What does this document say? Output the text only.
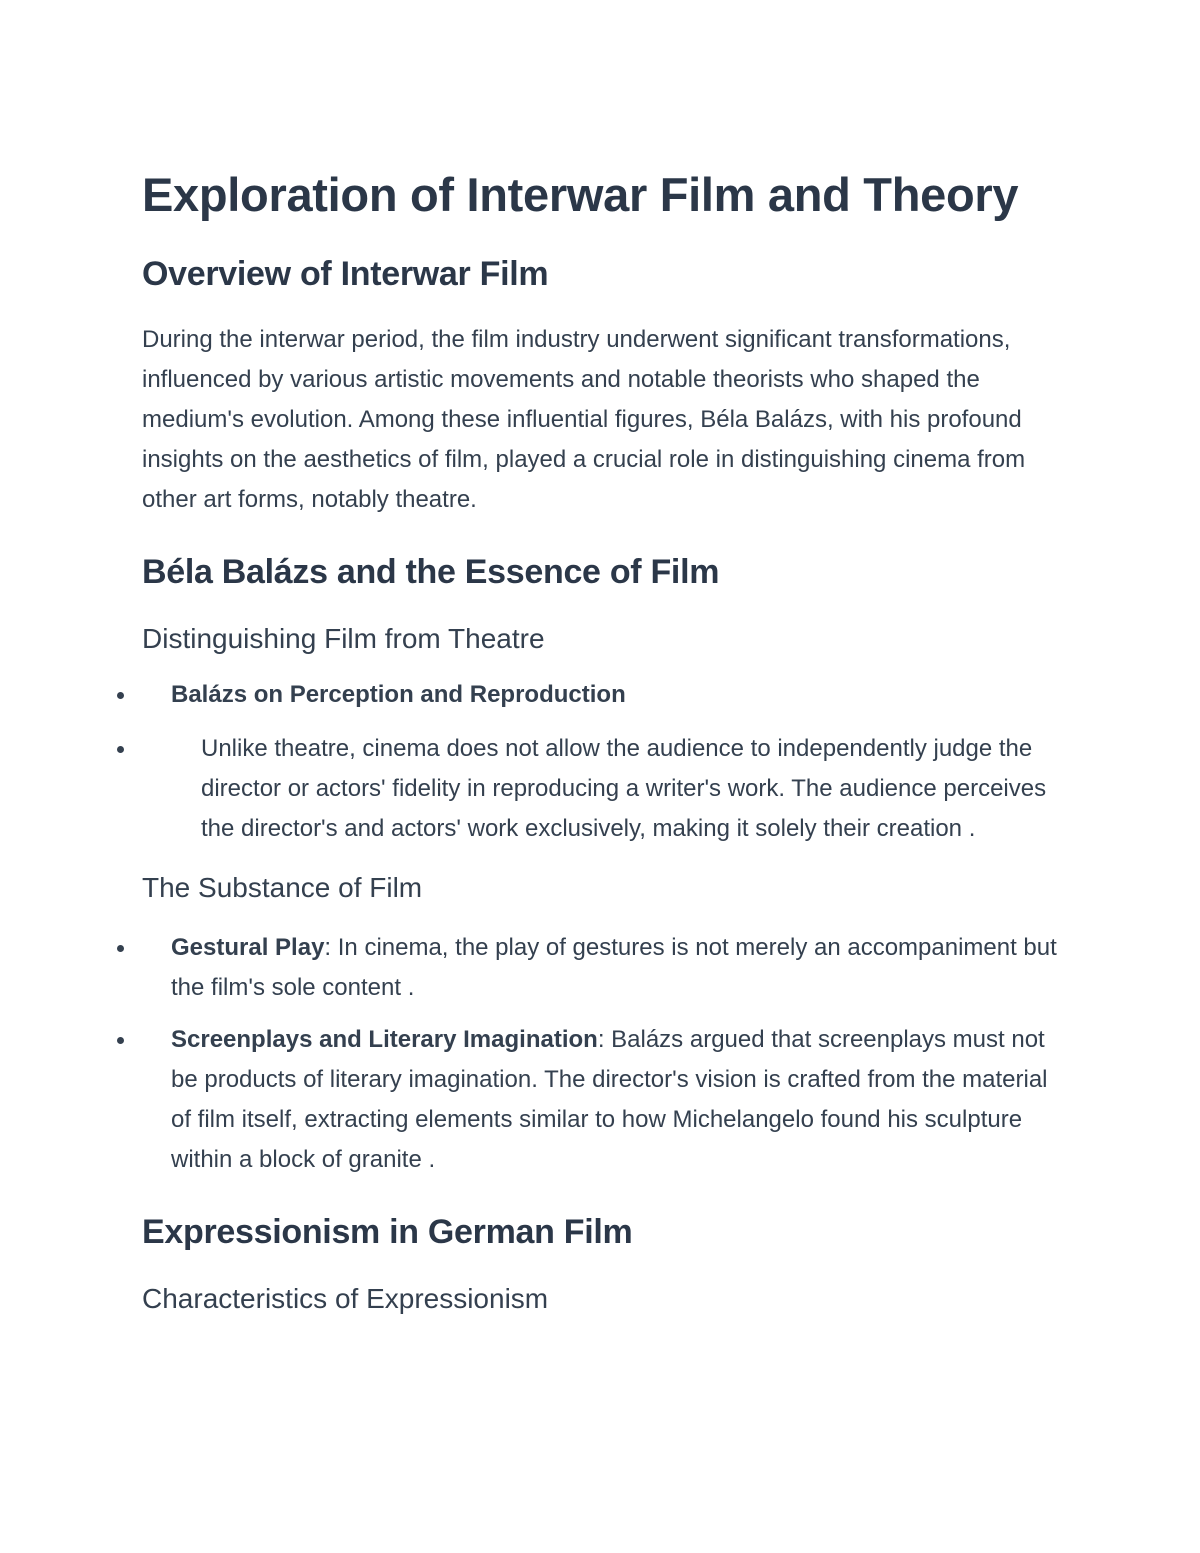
Exploration of Interwar Film and Theory
Overview of Interwar Film

During the interwar period, the film industry underwent significant transformations, influenced by various artistic movements and notable theorists who shaped the medium's evolution. Among these influential figures, Béla Balázs, with his profound insights on the aesthetics of film, played a crucial role in distinguishing cinema from other art forms, notably theatre.

Béla Balázs and the Essence of Film
Distinguishing Film from Theatre
Balázs on Perception and Reproduction
Unlike theatre, cinema does not allow the audience to independently judge the director or actors' fidelity in reproducing a writer's work. The audience perceives the director's and actors' work exclusively, making it solely their creation .
The Substance of Film
Gestural Play: In cinema, the play of gestures is not merely an accompaniment but the film's sole content .
Screenplays and Literary Imagination: Balázs argued that screenplays must not be products of literary imagination. The director's vision is crafted from the material of film itself, extracting elements similar to how Michelangelo found his sculpture within a block of granite .
Expressionism in German Film
Characteristics of Expressionism
